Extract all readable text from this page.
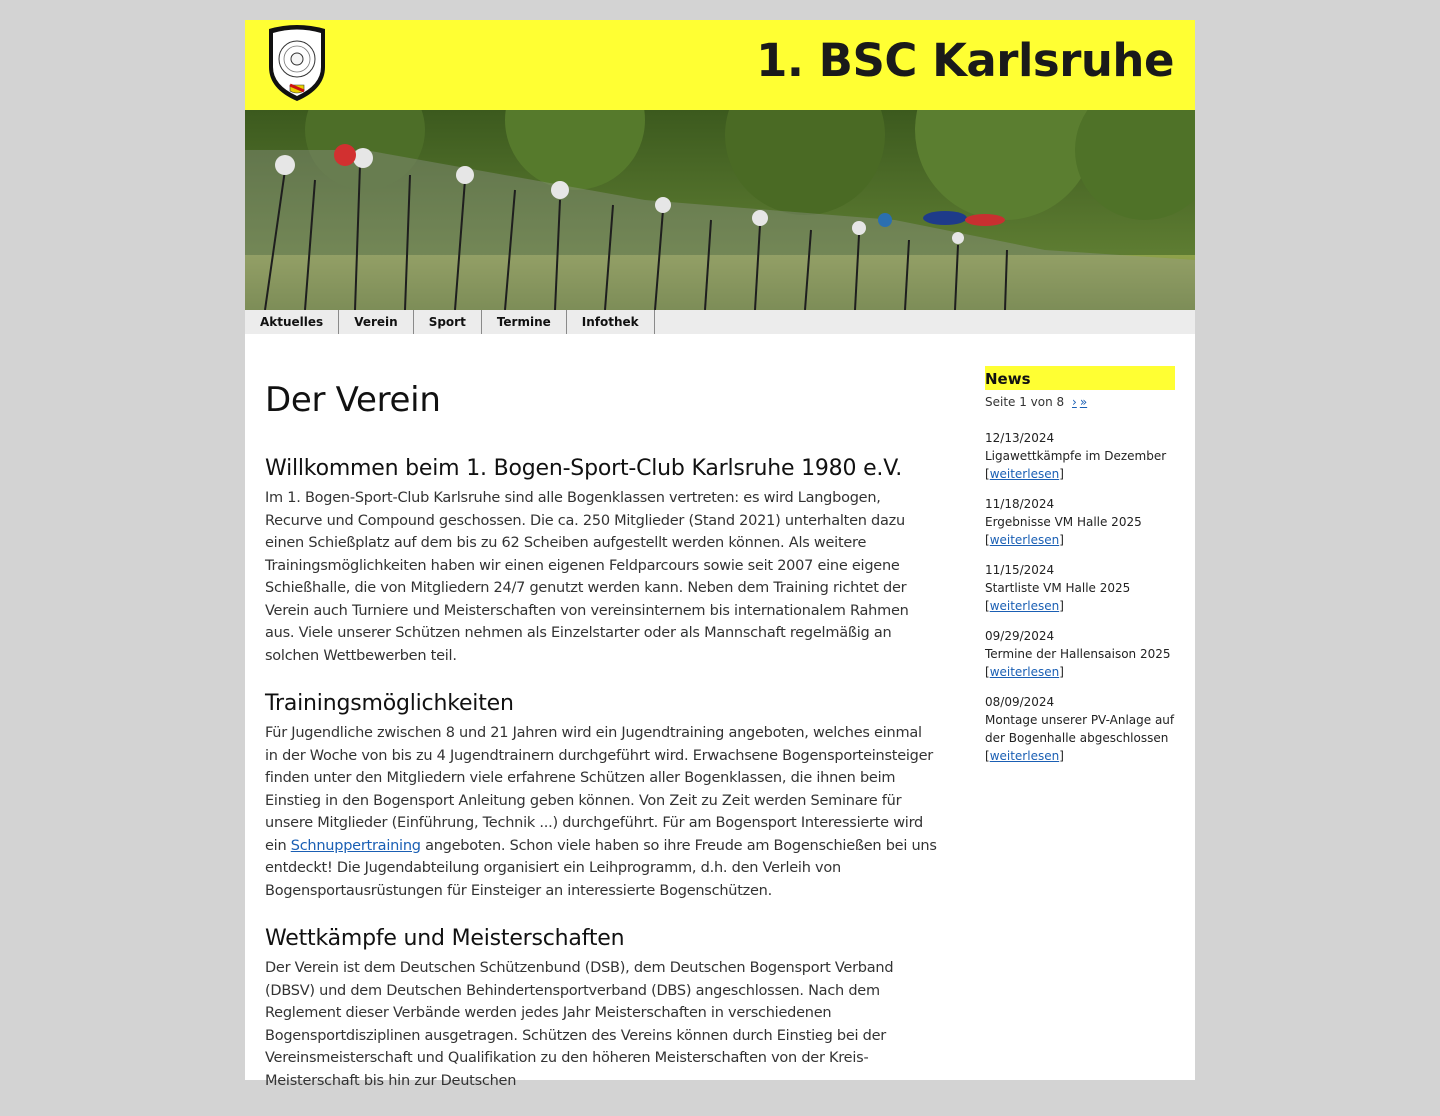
1. BSC Karlsruhe
Aktuelles	Verein	Sport	Termine	Infothek
Der Verein
Willkommen beim 1. Bogen-Sport-Club Karlsruhe 1980 e.V.

Im 1. Bogen-Sport-Club Karlsruhe sind alle Bogenklassen vertreten: es wird Langbogen, Recurve und Compound geschossen. Die ca. 250 Mitglieder (Stand 2021) unterhalten dazu einen Schießplatz auf dem bis zu 62 Scheiben aufgestellt werden können. Als weitere Trainingsmöglichkeiten haben wir einen eigenen Feldparcours sowie seit 2007 eine eigene Schießhalle, die von Mitgliedern 24/7 genutzt werden kann. Neben dem Training richtet der Verein auch Turniere und Meisterschaften von vereinsinternem bis internationalem Rahmen aus. Viele unserer Schützen nehmen als Einzelstarter oder als Mannschaft regelmäßig an solchen Wettbewerben teil.

Trainingsmöglichkeiten

Für Jugendliche zwischen 8 und 21 Jahren wird ein Jugendtraining angeboten, welches einmal in der Woche von bis zu 4 Jugendtrainern durchgeführt wird. Erwachsene Bogensporteinsteiger finden unter den Mitgliedern viele erfahrene Schützen aller Bogenklassen, die ihnen beim Einstieg in den Bogensport Anleitung geben können. Von Zeit zu Zeit werden Seminare für unsere Mitglieder (Einführung, Technik ...) durchgeführt. Für am Bogensport Interessierte wird ein Schnuppertraining angeboten. Schon viele haben so ihre Freude am Bogenschießen bei uns entdeckt! Die Jugendabteilung organisiert ein Leihprogramm, d.h. den Verleih von Bogensportausrüstungen für Einsteiger an interessierte Bogenschützen.

Wettkämpfe und Meisterschaften

Der Verein ist dem Deutschen Schützenbund (DSB), dem Deutschen Bogensport Verband (DBSV) und dem Deutschen Behindertensportverband (DBS) angeschlossen. Nach dem Reglement dieser Verbände werden jedes Jahr Meisterschaften in verschiedenen Bogensportdisziplinen ausgetragen. Schützen des Vereins können durch Einstieg bei der Vereinsmeisterschaft und Qualifikation zu den höheren Meisterschaften von der Kreis-Meisterschaft bis hin zur Deutschen

News
Seite 1 von 8 › »
12/13/2024
Ligawettkämpfe im Dezember
[weiterlesen]
11/18/2024
Ergebnisse VM Halle 2025
[weiterlesen]
11/15/2024
Startliste VM Halle 2025
[weiterlesen]
09/29/2024
Termine der Hallensaison 2025
[weiterlesen]
08/09/2024
Montage unserer PV-Anlage auf der Bogenhalle abgeschlossen
[weiterlesen]
